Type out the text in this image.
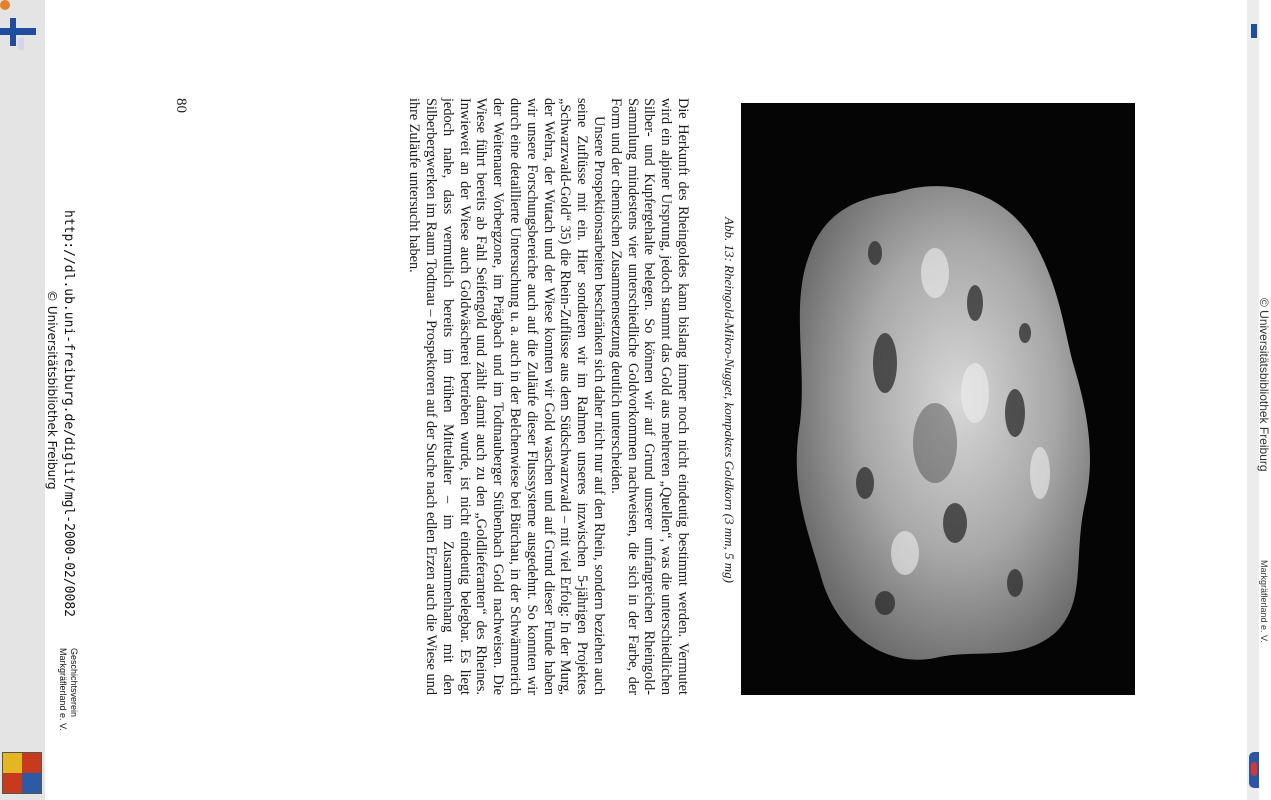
© Universitätsbibliothek Freiburg
Markgräflerland e. V.
Abb. 13: Rheingold-Mikro-Nugget, kompaktes Goldkorn (3 mm, 5 mg)

Die Herkunft des Rheingoldes kann bislang immer noch nicht eindeutig bestimmt werden. Vermutet wird ein alpiner Ursprung, jedoch stammt das Gold aus mehreren „Quellen“, was die unterschiedlichen Silber- und Kupfergehalte belegen. So können wir auf Grund unserer umfangreichen Rheingold-Sammlung mindestens vier unterschiedliche Goldvorkommen nachweisen, die sich in der Farbe, der Form und der chemischen Zusammensetzung deutlich unterscheiden.

Unsere Prospektionsarbeiten beschränken sich daher nicht nur auf den Rhein, sondern beziehen auch seine Zuflüsse mit ein. Hier sondieren wir im Rahmen unseres inzwischen 5-jährigen Projektes „Schwarzwald-Gold“ 35) die Rhein-Zuflüsse aus dem Südschwarzwald – mit viel Erfolg: In der Murg, der Wehra, der Wutach und der Wiese konnten wir Gold waschen und auf Grund dieser Funde haben wir unsere Forschungsbereiche auch auf die Zuläufe dieser Flusssysteme ausgedehnt. So konnten wir durch eine detaillierte Untersuchung u. a. auch in der Belchenwiese bei Bürchau, in der Schwämmerich der Weitenauer Vorbergzone, im Prägbach und im Todtnauberger Stübenbach Gold nachweisen. Die Wiese führt bereits ab Fahl Seifengold und zählt damit auch zu den „Goldlieferanten“ des Rheines. Inwieweit an der Wiese auch Goldwäscherei betrieben wurde, ist nicht eindeutig belegbar. Es liegt jedoch nahe, dass vermutlich bereits im frühen Mittelalter – im Zusammenhang mit den Silberbergwerken im Raum Todtnau – Prospektoren auf der Suche nach edlen Erzen auch die Wiese und ihre Zuläufe untersucht haben.

80
http://dl.ub.uni-freiburg.de/diglit/mgl-2000-02/0082
© Universitätsbibliothek Freiburg
Geschichtsverein
Markgräflerland e. V.
